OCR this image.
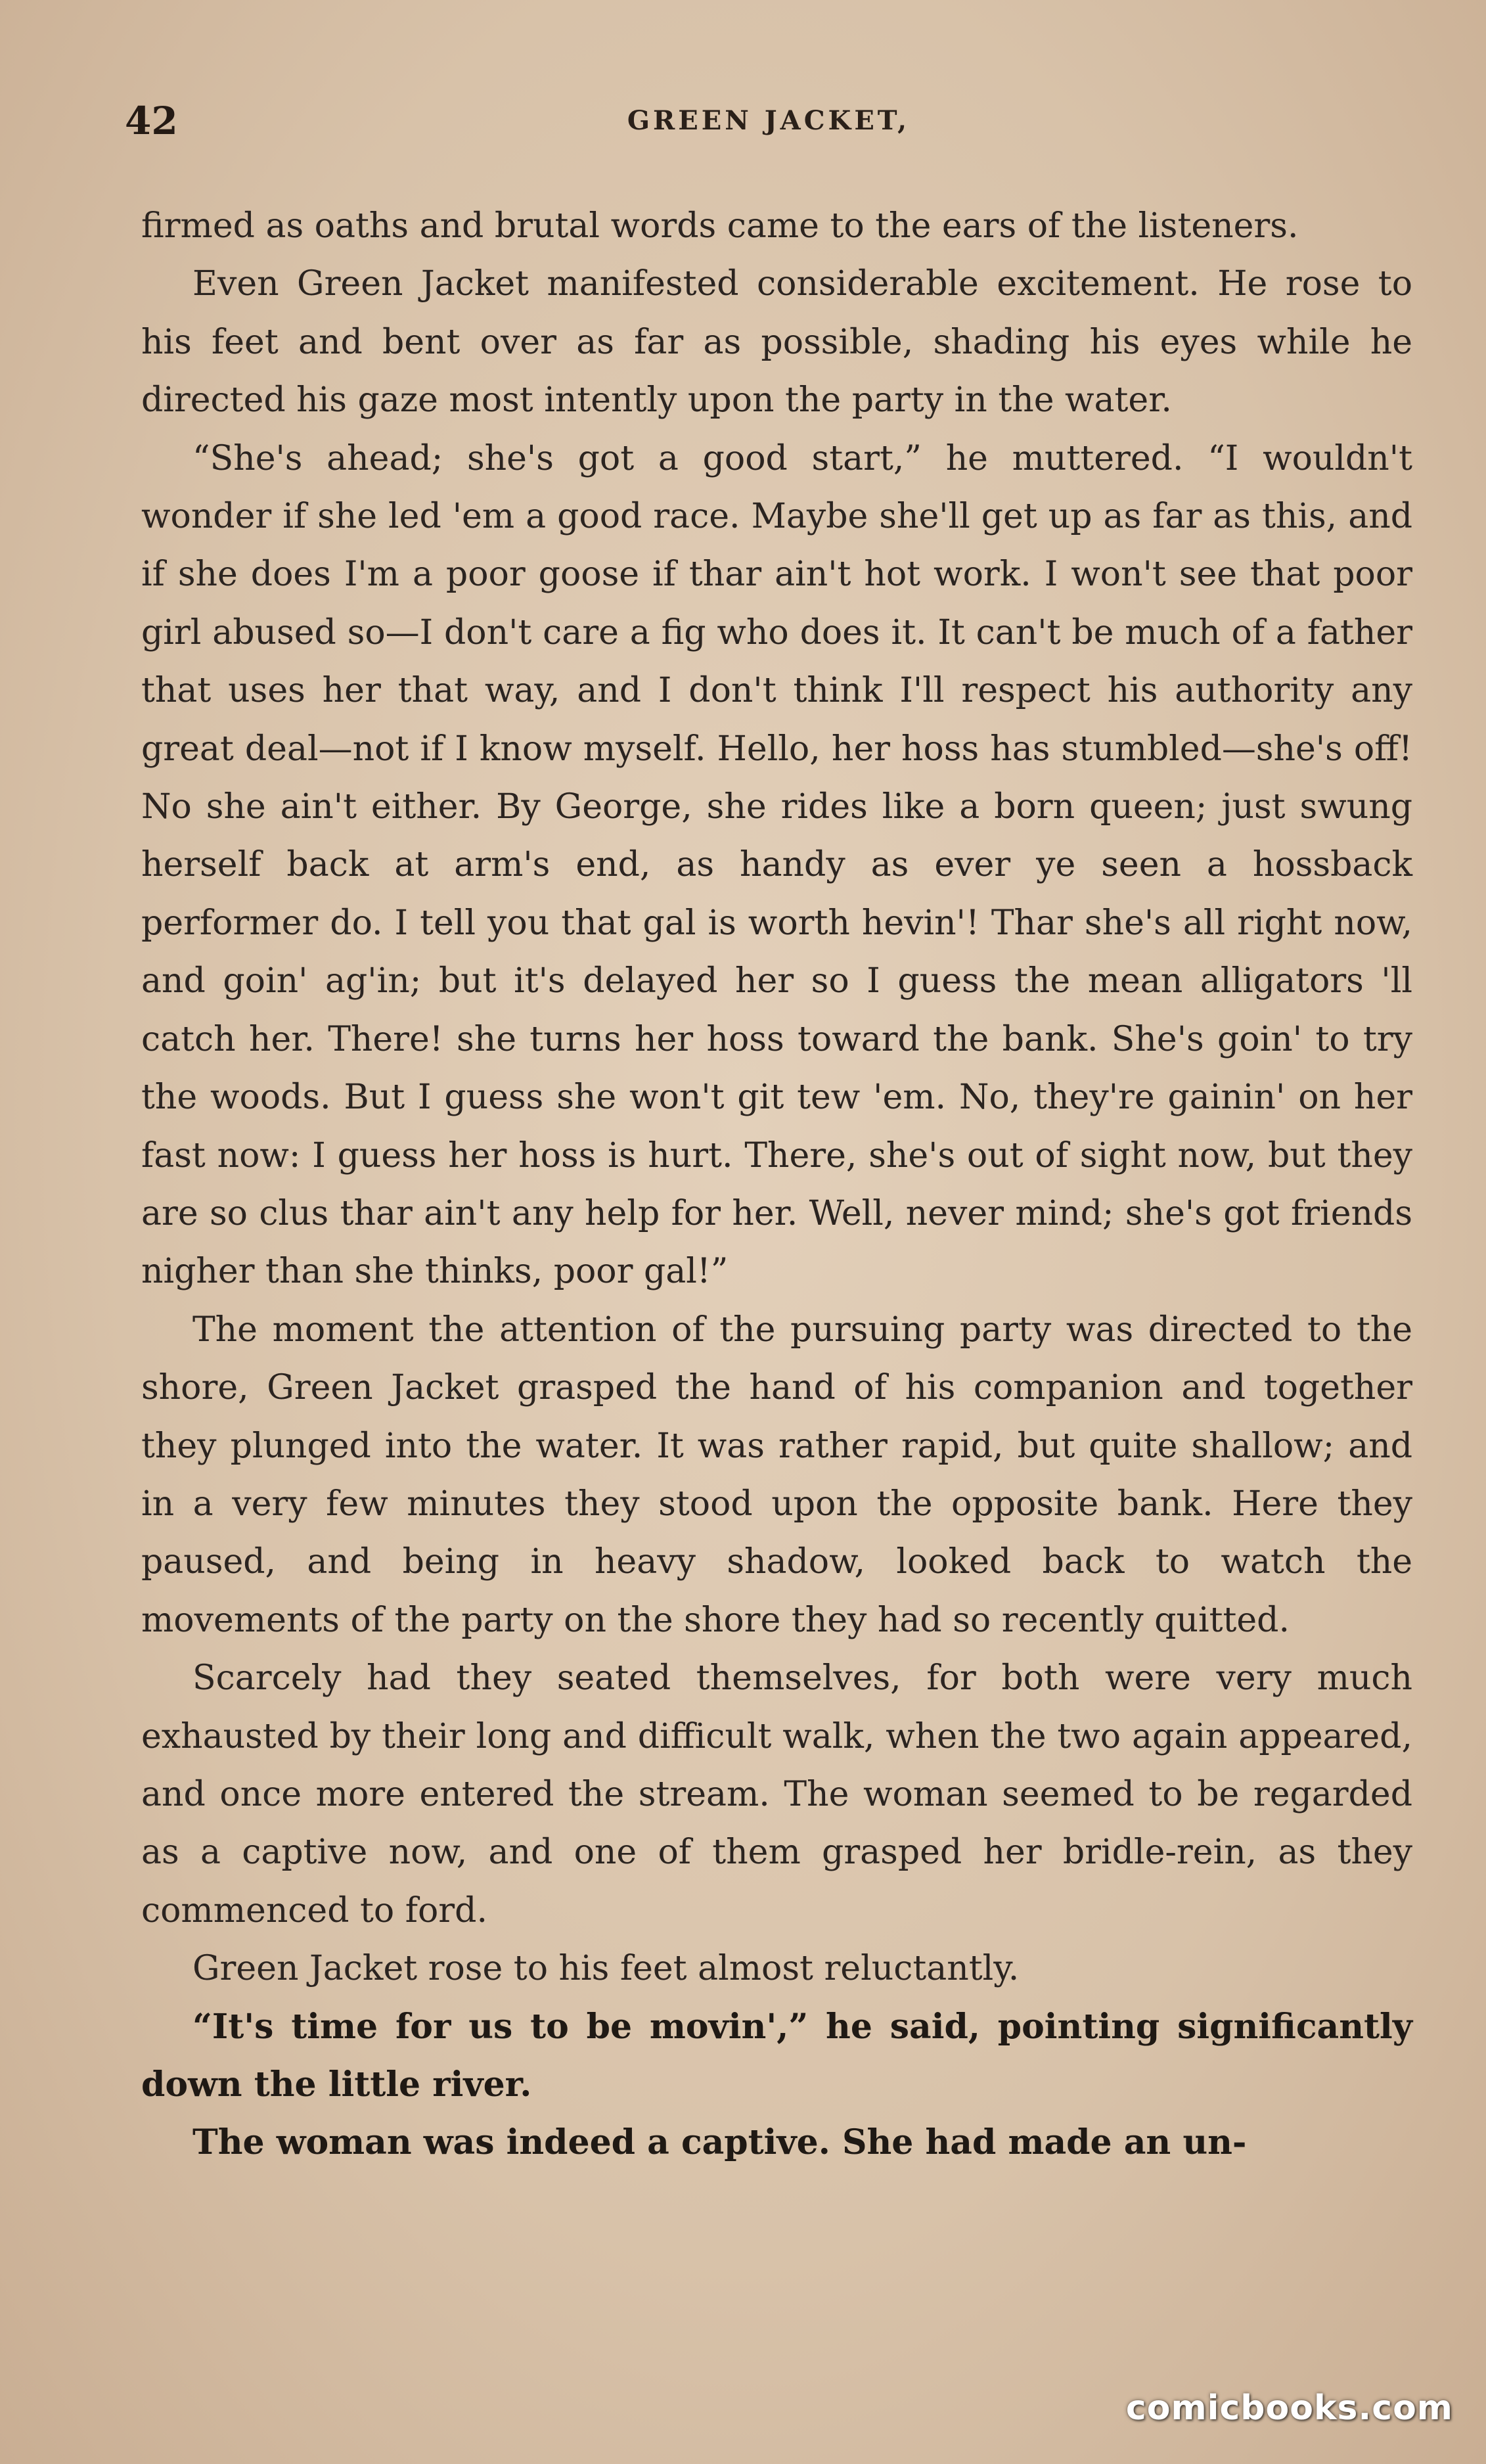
42	GREEN JACKET,

firmed as oaths and brutal words came to the ears of the listeners.

Even Green Jacket manifested considerable excitement. He rose to his feet and bent over as far as possible, shading his eyes while he directed his gaze most intently upon the party in the water.

“She's ahead; she's got a good start,” he muttered. “I wouldn't wonder if she led 'em a good race. Maybe she'll get up as far as this, and if she does I'm a poor goose if thar ain't hot work. I won't see that poor girl abused so—I don't care a fig who does it. It can't be much of a father that uses her that way, and I don't think I'll respect his authority any great deal—not if I know myself. Hello, her hoss has stumbled—she's off! No she ain't either. By George, she rides like a born queen; just swung herself back at arm's end, as handy as ever ye seen a hossback performer do. I tell you that gal is worth hevin'! Thar she's all right now, and goin' ag'in; but it's delayed her so I guess the mean alligators 'll catch her. There! she turns her hoss toward the bank. She's goin' to try the woods. But I guess she won't git tew 'em. No, they're gainin' on her fast now: I guess her hoss is hurt. There, she's out of sight now, but they are so clus thar ain't any help for her. Well, never mind; she's got friends nigher than she thinks, poor gal!”

The moment the attention of the pursuing party was directed to the shore, Green Jacket grasped the hand of his companion and together they plunged into the water. It was rather rapid, but quite shallow; and in a very few minutes they stood upon the opposite bank. Here they paused, and being in heavy shadow, looked back to watch the movements of the party on the shore they had so recently quitted.

Scarcely had they seated themselves, for both were very much exhausted by their long and difficult walk, when the two again appeared, and once more entered the stream. The woman seemed to be regarded as a captive now, and one of them grasped her bridle-rein, as they commenced to ford.

Green Jacket rose to his feet almost reluctantly.

“It's time for us to be movin',” he said, pointing significantly down the little river.

The woman was indeed a captive. She had made an un-

comicbooks.com
